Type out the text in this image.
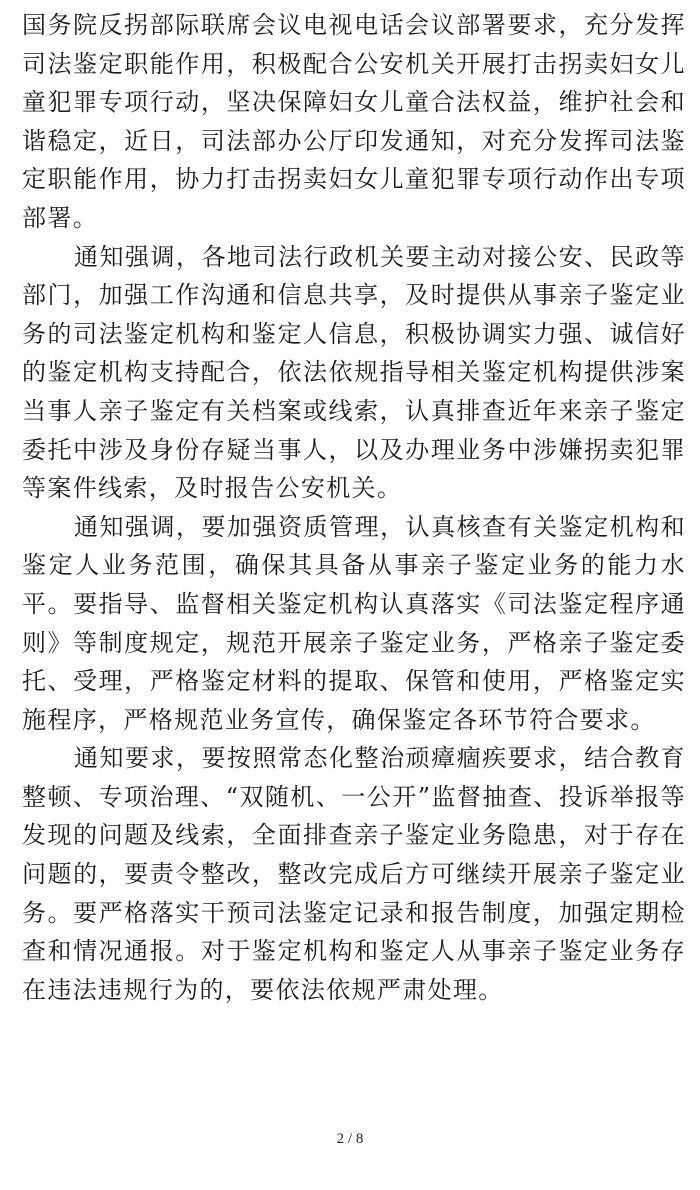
国务院反拐部际联席会议电视电话会议部署要求，充分发挥司法鉴定职能作用，积极配合公安机关开展打击拐卖妇女儿童犯罪专项行动，坚决保障妇女儿童合法权益，维护社会和谐稳定，近日，司法部办公厅印发通知，对充分发挥司法鉴定职能作用，协力打击拐卖妇女儿童犯罪专项行动作出专项部署。

通知强调，各地司法行政机关要主动对接公安、民政等部门，加强工作沟通和信息共享，及时提供从事亲子鉴定业务的司法鉴定机构和鉴定人信息，积极协调实力强、诚信好的鉴定机构支持配合，依法依规指导相关鉴定机构提供涉案当事人亲子鉴定有关档案或线索，认真排查近年来亲子鉴定委托中涉及身份存疑当事人，以及办理业务中涉嫌拐卖犯罪等案件线索，及时报告公安机关。

通知强调，要加强资质管理，认真核查有关鉴定机构和鉴定人业务范围，确保其具备从事亲子鉴定业务的能力水平。要指导、监督相关鉴定机构认真落实《司法鉴定程序通则》等制度规定，规范开展亲子鉴定业务，严格亲子鉴定委托、受理，严格鉴定材料的提取、保管和使用，严格鉴定实施程序，严格规范业务宣传，确保鉴定各环节符合要求。

通知要求，要按照常态化整治顽瘴痼疾要求，结合教育整顿、专项治理、“双随机、一公开”监督抽查、投诉举报等发现的问题及线索，全面排查亲子鉴定业务隐患，对于存在问题的，要责令整改，整改完成后方可继续开展亲子鉴定业务。要严格落实干预司法鉴定记录和报告制度，加强定期检查和情况通报。对于鉴定机构和鉴定人从事亲子鉴定业务存在违法违规行为的，要依法依规严肃处理。

2 / 8
